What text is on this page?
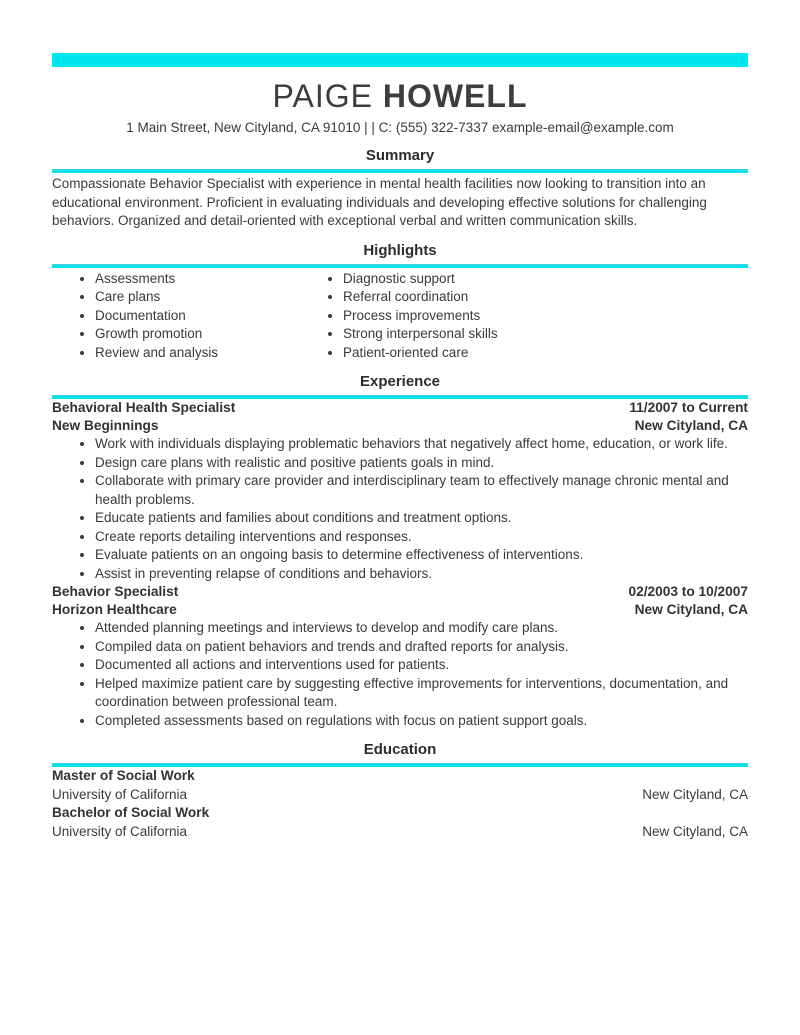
PAIGE HOWELL
1 Main Street, New Cityland, CA 91010 | | C: (555) 322-7337 example-email@example.com
Summary

Compassionate Behavior Specialist with experience in mental health facilities now looking to transition into an educational environment. Proficient in evaluating individuals and developing effective solutions for challenging behaviors. Organized and detail-oriented with exceptional verbal and written communication skills.

Highlights
• Assessments
• Care plans
• Documentation
• Growth promotion
• Review and analysis
• Diagnostic support
• Referral coordination
• Process improvements
• Strong interpersonal skills
• Patient-oriented care
Experience
Behavioral Health Specialist	11/2007 to Current
New Beginnings	New Cityland, CA
• Work with individuals displaying problematic behaviors that negatively affect home, education, or work life.
• Design care plans with realistic and positive patients goals in mind.
• Collaborate with primary care provider and interdisciplinary team to effectively manage chronic mental and health problems.
• Educate patients and families about conditions and treatment options.
• Create reports detailing interventions and responses.
• Evaluate patients on an ongoing basis to determine effectiveness of interventions.
• Assist in preventing relapse of conditions and behaviors.
Behavior Specialist	02/2003 to 10/2007
Horizon Healthcare	New Cityland, CA
• Attended planning meetings and interviews to develop and modify care plans.
• Compiled data on patient behaviors and trends and drafted reports for analysis.
• Documented all actions and interventions used for patients.
• Helped maximize patient care by suggesting effective improvements for interventions, documentation, and coordination between professional team.
• Completed assessments based on regulations with focus on patient support goals.
Education
Master of Social Work
University of California	New Cityland, CA
Bachelor of Social Work
University of California	New Cityland, CA
